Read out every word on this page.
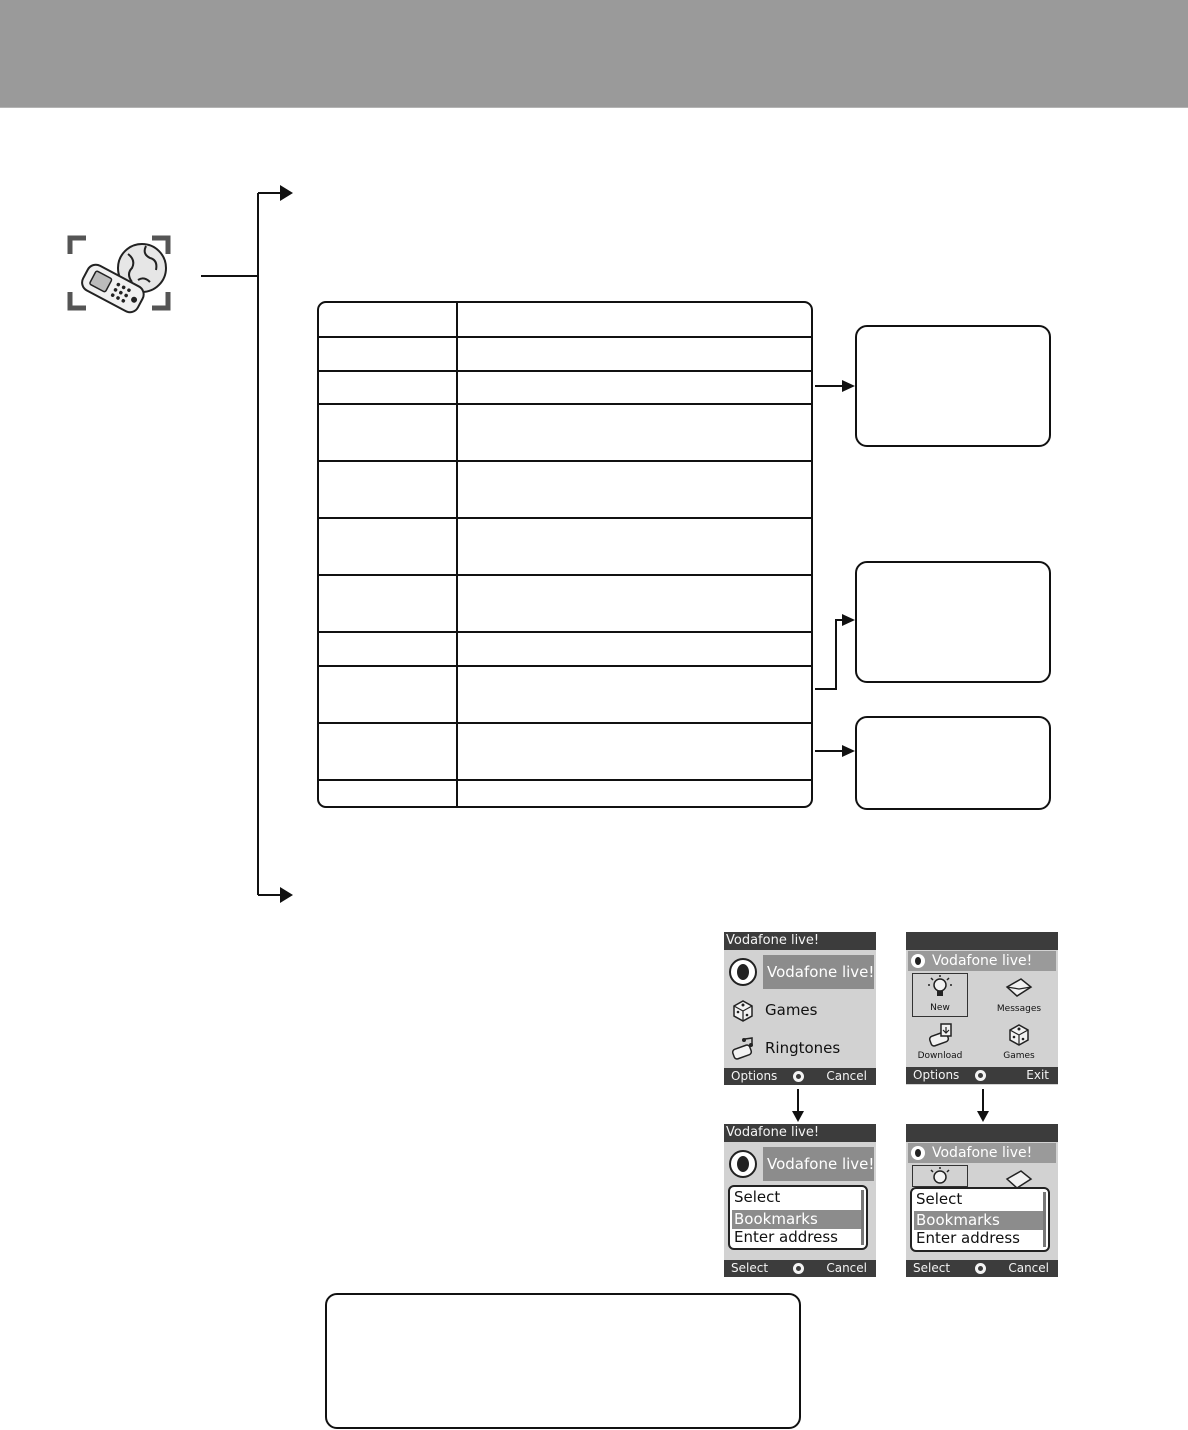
Vodafone live!
Vodafone live!
Games
Ringtones
Options	Cancel
Vodafone live!
New	Messages
Download	Games
Options	Exit
Vodafone live!
Vodafone live!
Select
Bookmarks
Enter address
Select	Cancel
Vodafone live!
Select
Bookmarks
Enter address
Select	Cancel
